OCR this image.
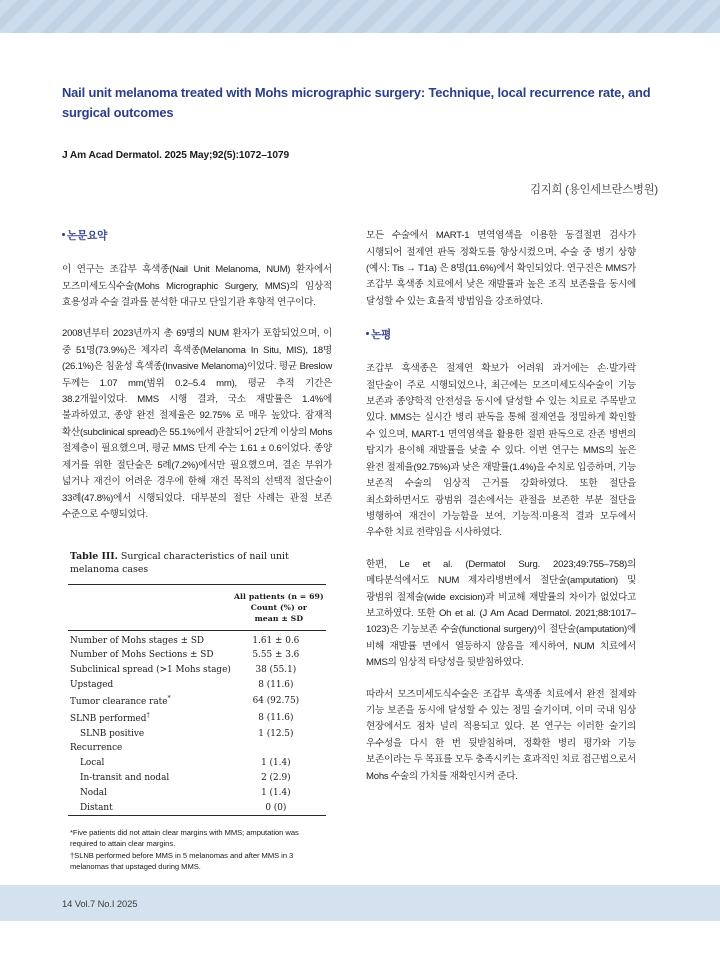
Nail unit melanoma treated with Mohs micrographic surgery: Technique, local recurrence rate, and surgical outcomes
J Am Acad Dermatol. 2025 May;92(5):1072–1079
김지희 (용인세브란스병원)
논문요약

이 연구는 조갑부 흑색종(Nail Unit Melanoma, NUM) 환자에서 모즈미세도식수술(Mohs Micrographic Surgery, MMS)의 임상적 효용성과 수술 결과를 분석한 대규모 단일기관 후향적 연구이다.

2008년부터 2023년까지 총 69명의 NUM 환자가 포함되었으며, 이 중 51명(73.9%)은 제자리 흑색종(Melanoma In Situ, MIS), 18명(26.1%)은 침윤성 흑색종(Invasive Melanoma)이었다. 평균 Breslow 두께는 1.07 mm(범위 0.2–5.4 mm), 평균 추적 기간은 38.2개월이었다. MMS 시행 결과, 국소 재발률은 1.4%에 불과하였고, 종양 완전 절제율은 92.75% 로 매우 높았다. 잠재적 확산(subclinical spread)은 55.1%에서 관찰되어 2단계 이상의 Mohs 절제층이 필요했으며, 평균 MMS 단계 수는 1.61 ± 0.6이었다. 종양 제거를 위한 절단술은 5례(7.2%)에서만 필요했으며, 결손 부위가 넓거나 재건이 어려운 경우에 한해 재건 목적의 선택적 절단술이 33례(47.8%)에서 시행되었다. 대부분의 절단 사례는 관절 보존 수준으로 수행되었다.

Table III. Surgical characteristics of nail unit melanoma cases

	All patients (n = 69)
Count (%) or
mean ± SD

Number of Mohs stages ± SD	1.61 ± 0.6
Number of Mohs Sections ± SD	5.55 ± 3.6
Subclinical spread (>1 Mohs stage)	38 (55.1)
Upstaged	8 (11.6)
Tumor clearance rate*	64 (92.75)
SLNB performed†	8 (11.6)
SLNB positive	1 (12.5)
Recurrence	
Local	1 (1.4)
In-transit and nodal	2 (2.9)
Nodal	1 (1.4)
Distant	0 (0)

*Five patients did not attain clear margins with MMS; amputation was required to attain clear margins.

†SLNB performed before MMS in 5 melanomas and after MMS in 3 melanomas that upstaged during MMS.

모든 수술에서 MART-1 면역염색을 이용한 동결절편 검사가 시행되어 절제연 판독 정확도를 향상시켰으며, 수술 중 병기 상향 (예시: Tis → T1a) 은 8명(11.6%)에서 확인되었다. 연구진은 MMS가 조갑부 흑색종 치료에서 낮은 재발률과 높은 조직 보존율을 동시에 달성할 수 있는 효율적 방법임을 강조하였다.

논평

조갑부 흑색종은 절제연 확보가 어려워 과거에는 손·발가락 절단술이 주로 시행되었으나, 최근에는 모즈미세도식수술이 기능 보존과 종양학적 안전성을 동시에 달성할 수 있는 치료로 주목받고 있다. MMS는 실시간 병리 판독을 통해 절제연을 정밀하게 확인할 수 있으며, MART-1 면역염색을 활용한 절편 판독으로 잔존 병변의 탐지가 용이해 재발률을 낮출 수 있다. 이번 연구는 MMS의 높은 완전 절제율(92.75%)과 낮은 재발률(1.4%)을 수치로 입증하며, 기능 보존적 수술의 임상적 근거를 강화하였다. 또한 절단을 최소화하면서도 광범위 결손에서는 관절을 보존한 부분 절단을 병행하여 재건이 가능함을 보여, 기능적·미용적 결과 모두에서 우수한 치료 전략임을 시사하였다.

한편, Le et al. (Dermatol Surg. 2023;49:755–758)의 메타분석에서도 NUM 제자리병변에서 절단술(amputation) 및 광범위 절제술(wide excision)과 비교해 재발률의 차이가 없었다고 보고하였다. 또한 Oh et al. (J Am Acad Dermatol. 2021;88:1017–1023)은 기능보존 수술(functional surgery)이 절단술(amputation)에 비해 재발률 면에서 열등하지 않음을 제시하여, NUM 치료에서 MMS의 임상적 타당성을 뒷받침하였다.

따라서 모즈미세도식수술은 조갑부 흑색종 치료에서 완전 절제와 기능 보존을 동시에 달성할 수 있는 정밀 술기이며, 이미 국내 임상 현장에서도 점차 널리 적용되고 있다. 본 연구는 이러한 술기의 우수성을 다시 한 번 뒷받침하며, 정확한 병리 평가와 기능 보존이라는 두 목표를 모두 충족시키는 효과적인 치료 접근법으로서 Mohs 수술의 가치를 재확인시켜 준다.

14 Vol.7 No.I 2025
